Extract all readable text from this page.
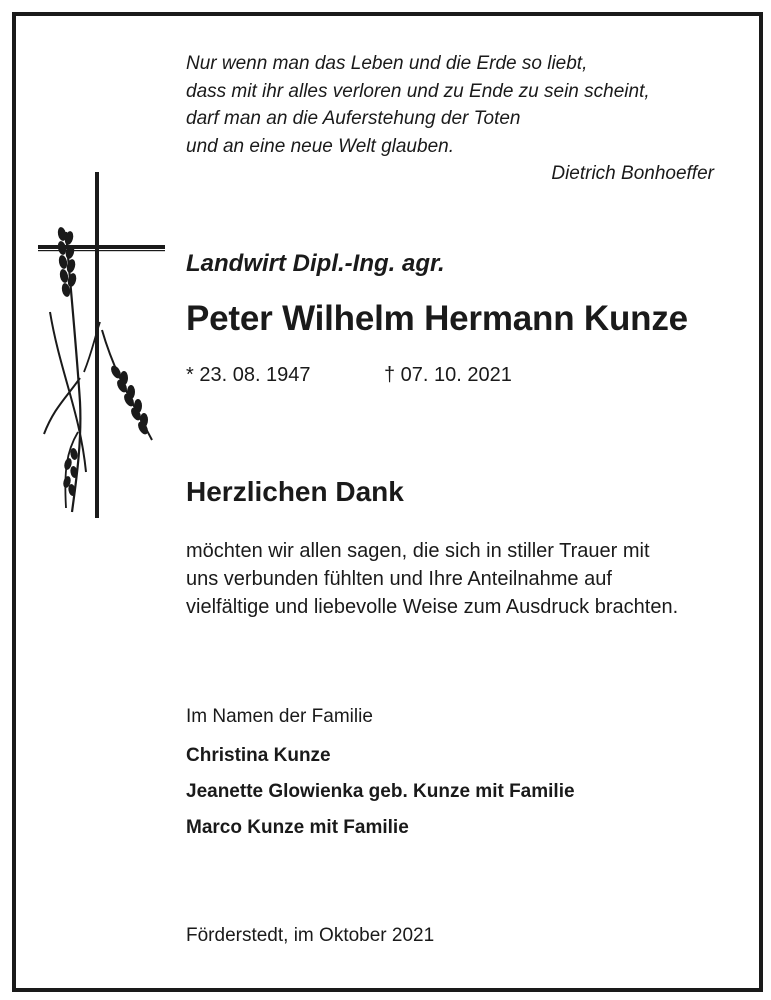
Nur wenn man das Leben und die Erde so liebt,
dass mit ihr alles verloren und zu Ende zu sein scheint,
darf man an die Auferstehung der Toten
und an eine neue Welt glauben.
Dietrich Bonhoeffer
Landwirt Dipl.-Ing. agr.
Peter Wilhelm Hermann Kunze
* 23. 08. 1947	† 07. 10. 2021
Herzlichen Dank
möchten wir allen sagen, die sich in stiller Trauer mit
uns verbunden fühlten und Ihre Anteilnahme auf
vielfältige und liebevolle Weise zum Ausdruck brachten.
Im Namen der Familie
Christina Kunze
Jeanette Glowienka geb. Kunze mit Familie
Marco Kunze mit Familie
Förderstedt, im Oktober 2021
